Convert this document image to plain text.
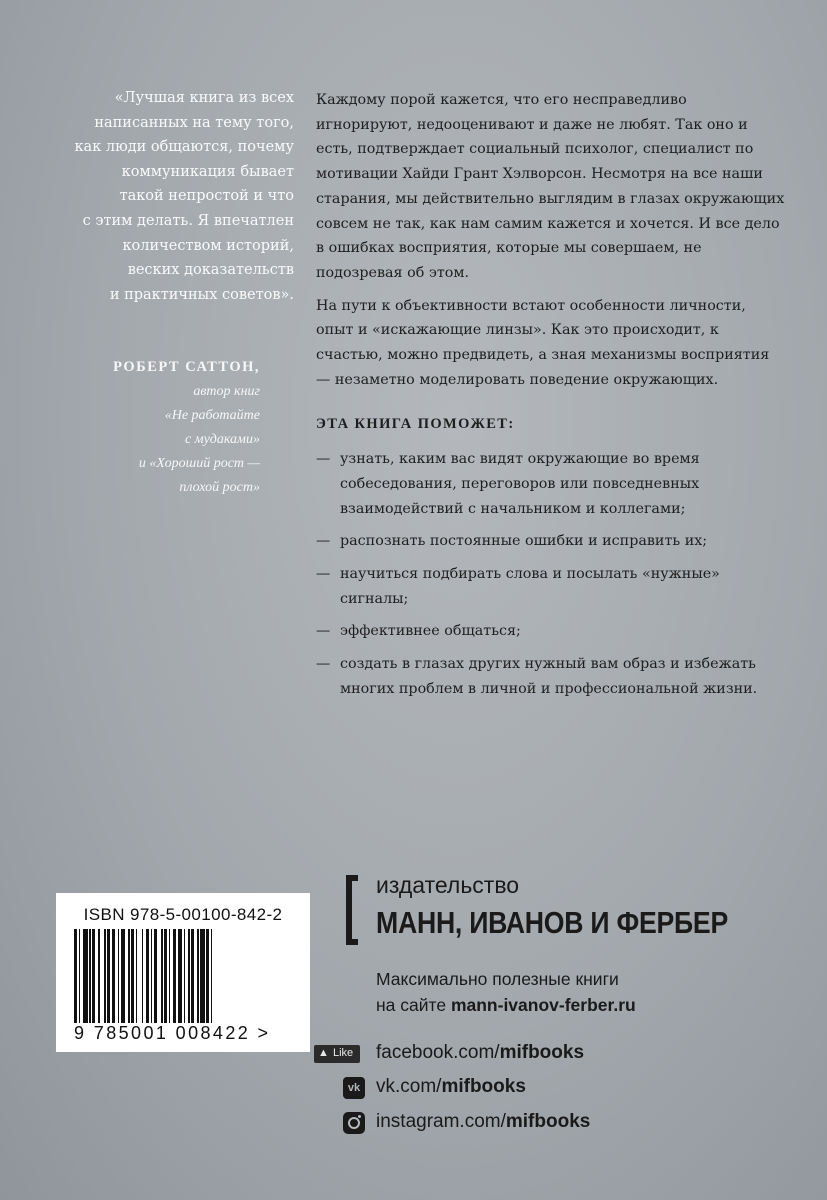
«Лучшая книга из всех
написанных на тему того,
как люди общаются, почему
коммуникация бывает
такой непростой и что
с этим делать. Я впечатлен
количеством историй,
веских доказательств
и практичных советов».
РОБЕРТ САТТОН,
автор книг
«Не работайте
с мудаками»
и «Хороший рост —
плохой рост»

Каждому порой кажется, что его несправедливо игнорируют, недооценивают и даже не любят. Так оно и есть, подтверждает социальный психолог, специалист по мотивации Хайди Грант Хэлворсон. Несмотря на все наши старания, мы действительно выглядим в глазах окружающих совсем не так, как нам самим кажется и хочется. И все дело в ошибках восприятия, которые мы совершаем, не подозревая об этом.

На пути к объективности встают особенности личности, опыт и «искажающие линзы». Как это происходит, к счастью, можно предвидеть, а зная механизмы восприятия — незаметно моделировать поведение окружающих.

ЭТА КНИГА ПОМОЖЕТ:
— узнать, каким вас видят окружающие во время собеседования, переговоров или повседневных взаимодействий с начальником и коллегами;
— распознать постоянные ошибки и исправить их;
— научиться подбирать слова и посылать «нужные» сигналы;
— эффективнее общаться;
— создать в глазах других нужный вам образ и избежать многих проблем в личной и профессиональной жизни.
ISBN 978-5-00100-842-2
9 785001 008422 >
издательство
МАНН, ИВАНОВ И ФЕРБЕР
Максимально полезные книги
на сайте mann-ivanov-ferber.ru
▲ Like facebook.com/mifbooks
vk vk.com/mifbooks
instagram.com/mifbooks
